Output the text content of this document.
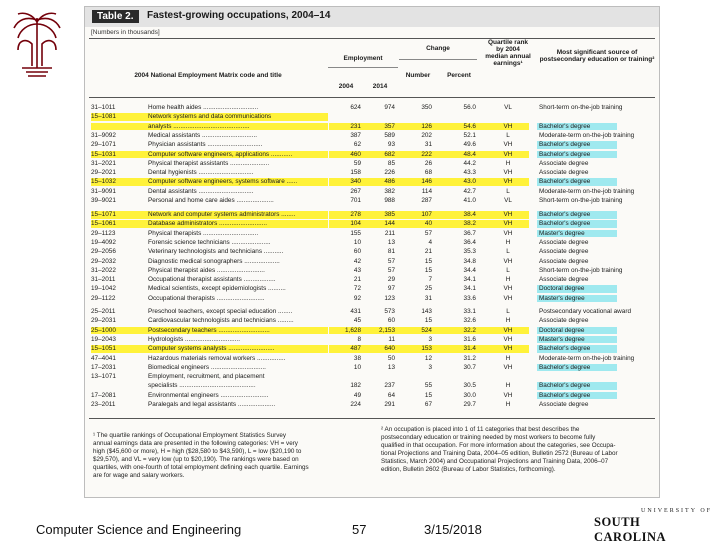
Table 2.	Fastest-growing occupations, 2004–14
[Numbers in thousands]
Employment
Change
Quartile rank by 2004 median annual earnings¹
Most significant source of postsecondary education or training²
2004 National Employment Matrix code and title	Number	Percent
2004	2014
31–1011	Home health aides ...............................	624	974	350	56.0	VL	Short-term on-the-job training
15–1081	Network systems and data communications
analysts ...........................................	231	357	126	54.6	VH	Bachelor's degree
31–9092	Medical assistants ...............................	387	589	202	52.1	L	Moderate-term on-the-job training
29–1071	Physician assistants ...............................	62	93	31	49.6	VH	Bachelor's degree
15–1031	Computer software engineers, applications ............	460	682	222	48.4	VH	Bachelor's degree
31–2021	Physical therapist assistants ......................	59	85	26	44.2	H	Associate degree
29–2021	Dental hygienists ...............................	158	226	68	43.3	VH	Associate degree
15–1032	Computer software engineers, systems software ......	340	486	146	43.0	VH	Bachelor's degree
31–9091	Dental assistants ...............................	267	382	114	42.7	L	Moderate-term on-the-job training
39–9021	Personal and home care aides .....................	701	988	287	41.0	VL	Short-term on-the-job training
15–1071	Network and computer systems administrators ........	278	385	107	38.4	VH	Bachelor's degree
15–1061	Database administrators ...........................	104	144	40	38.2	VH	Bachelor's degree
29–1123	Physical therapists ...............................	155	211	57	36.7	VH	Master's degree
19–4092	Forensic science technicians ......................	10	13	4	36.4	H	Associate degree
29–2056	Veterinary technologists and technicians ...........	60	81	21	35.3	L	Associate degree
29–2032	Diagnostic medical sonographers ....................	42	57	15	34.8	VH	Associate degree
31–2022	Physical therapist aides ...........................	43	57	15	34.4	L	Short-term on-the-job training
31–2011	Occupational therapist assistants ..................	21	29	7	34.1	H	Associate degree
19–1042	Medical scientists, except epidemiologists ..........	72	97	25	34.1	VH	Doctoral degree
29–1122	Occupational therapists ...........................	92	123	31	33.6	VH	Master's degree
25–2011	Preschool teachers, except special education ........	431	573	143	33.1	L	Postsecondary vocational award
29–2031	Cardiovascular technologists and technicians .........	45	60	15	32.6	H	Associate degree
25–1000	Postsecondary teachers .............................	1,628	2,153	524	32.2	VH	Doctoral degree
19–2043	Hydrologists ...............................	8	11	3	31.6	VH	Master's degree
15–1051	Computer systems analysts ..........................	487	640	153	31.4	VH	Bachelor's degree
47–4041	Hazardous materials removal workers ................	38	50	12	31.2	H	Moderate-term on-the-job training
17–2031	Biomedical engineers ...............................	10	13	3	30.7	VH	Bachelor's degree
13–1071	Employment, recruitment, and placement
specialists ...........................................	182	237	55	30.5	H	Bachelor's degree
17–2081	Environmental engineers ...........................	49	64	15	30.0	VH	Bachelor's degree
23–2011	Paralegals and legal assistants .....................	224	291	67	29.7	H	Associate degree
¹ The quartile rankings of Occupational Employment Statistics Survey
annual earnings data are presented in the following categories: VH = very
high ($45,600 or more), H = high ($28,580 to $43,590), L = low ($20,190 to
$29,570), and VL = very low (up to $20,190). The rankings were based on
quartiles, with one-fourth of total employment defining each quartile. Earnings
are for wage and salary workers.
² An occupation is placed into 1 of 11 categories that best describes the
postsecondary education or training needed by most workers to become fully
qualified in that occupation. For more information about the categories, see Occupa-
tional Projections and Training Data, 2004–05 edition, Bulletin 2572 (Bureau of Labor
Statistics, March 2004) and Occupational Projections and Training Data, 2006–07
edition, Bulletin 2602 (Bureau of Labor Statistics, forthcoming).
Computer Science and Engineering	57	3/15/2018
UNIVERSITY OF
SOUTH CAROLINA
